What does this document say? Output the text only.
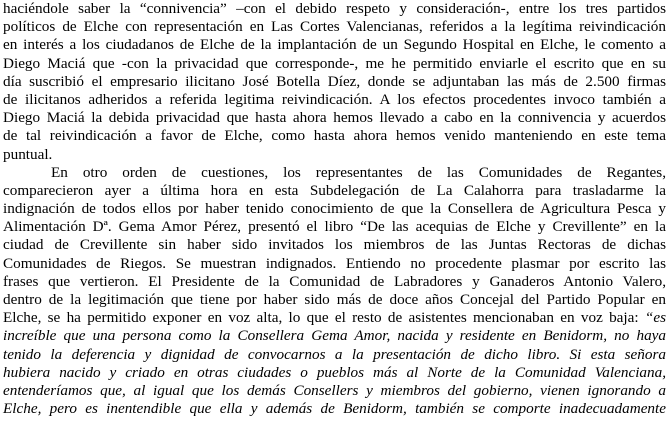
haciéndole saber la “connivencia” –con el debido respeto y consideración-, entre los tres partidos
políticos de Elche con representación en Las Cortes Valencianas, referidos a la legítima reivindicación
en interés a los ciudadanos de Elche de la implantación de un Segundo Hospital en Elche, le comento a
Diego Maciá que -con la privacidad que corresponde-, me he permitido enviarle el escrito que en su
día suscribió el empresario ilicitano José Botella Díez, donde se adjuntaban las más de 2.500 firmas
de ilicitanos adheridos a referida legitima reivindicación. A los efectos procedentes invoco también a
Diego Maciá la debida privacidad que hasta ahora hemos llevado a cabo en la connivencia y acuerdos
de tal reivindicación a favor de Elche, como hasta ahora hemos venido manteniendo en este tema
puntual.
En otro orden de cuestiones, los representantes de las Comunidades de Regantes,
comparecieron ayer a última hora en esta Subdelegación de La Calahorra para trasladarme la
indignación de todos ellos por haber tenido conocimiento de que la Consellera de Agricultura Pesca y
Alimentación Dª. Gema Amor Pérez, presentó el libro “De las acequias de Elche y Crevillente” en la
ciudad de Crevillente sin haber sido invitados los miembros de las Juntas Rectoras de dichas
Comunidades de Riegos. Se muestran indignados. Entiendo no procedente plasmar por escrito las
frases que vertieron. El Presidente de la Comunidad de Labradores y Ganaderos Antonio Valero,
dentro de la legitimación que tiene por haber sido más de doce años Concejal del Partido Popular en
Elche, se ha permitido exponer en voz alta, lo que el resto de asistentes mencionaban en voz baja: “es
increíble que una persona como la Consellera Gema Amor, nacida y residente en Benidorm, no haya
tenido la deferencia y dignidad de convocarnos a la presentación de dicho libro. Si esta señora
hubiera nacido y criado en otras ciudades o pueblos más al Norte de la Comunidad Valenciana,
entenderíamos que, al igual que los demás Consellers y miembros del gobierno, vienen ignorando a
Elche, pero es inentendible que ella y además de Benidorm, también se comporte inadecuadamente
